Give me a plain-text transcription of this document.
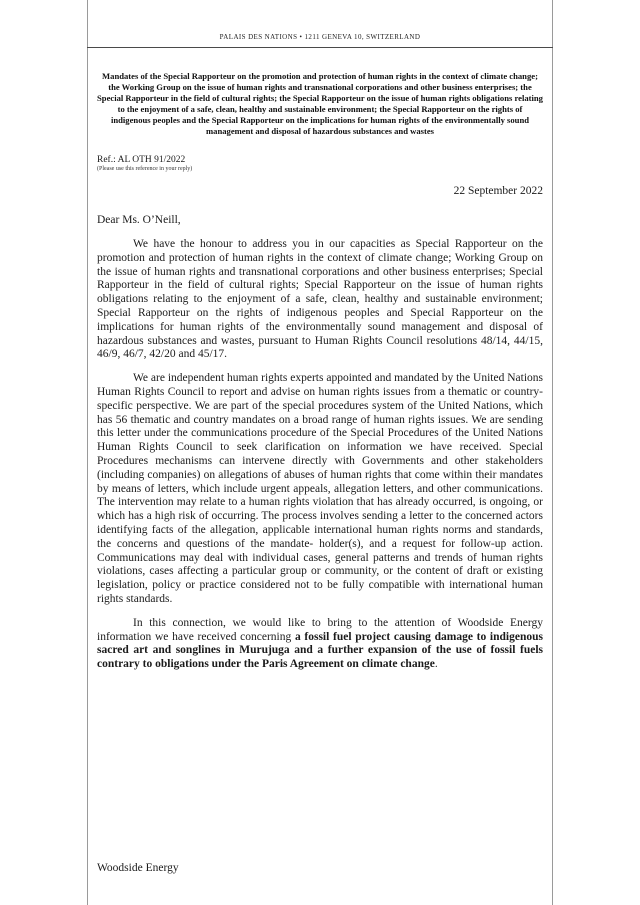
PALAIS DES NATIONS • 1211 GENEVA 10, SWITZERLAND
Mandates of the Special Rapporteur on the promotion and protection of human rights in the context of climate change; the Working Group on the issue of human rights and transnational corporations and other business enterprises; the Special Rapporteur in the field of cultural rights; the Special Rapporteur on the issue of human rights obligations relating to the enjoyment of a safe, clean, healthy and sustainable environment; the Special Rapporteur on the rights of indigenous peoples and the Special Rapporteur on the implications for human rights of the environmentally sound management and disposal of hazardous substances and wastes
Ref.: AL OTH 91/2022
(Please use this reference in your reply)
22 September 2022
Dear Ms. O’Neill,

We have the honour to address you in our capacities as Special Rapporteur on the promotion and protection of human rights in the context of climate change; Working Group on the issue of human rights and transnational corporations and other business enterprises; Special Rapporteur in the field of cultural rights; Special Rapporteur on the issue of human rights obligations relating to the enjoyment of a safe, clean, healthy and sustainable environment; Special Rapporteur on the rights of indigenous peoples and Special Rapporteur on the implications for human rights of the environmentally sound management and disposal of hazardous substances and wastes, pursuant to Human Rights Council resolutions 48/14, 44/15, 46/9, 46/7, 42/20 and 45/17.

We are independent human rights experts appointed and mandated by the United Nations Human Rights Council to report and advise on human rights issues from a thematic or country-specific perspective. We are part of the special procedures system of the United Nations, which has 56 thematic and country mandates on a broad range of human rights issues. We are sending this letter under the communications procedure of the Special Procedures of the United Nations Human Rights Council to seek clarification on information we have received. Special Procedures mechanisms can intervene directly with Governments and other stakeholders (including companies) on allegations of abuses of human rights that come within their mandates by means of letters, which include urgent appeals, allegation letters, and other communications. The intervention may relate to a human rights violation that has already occurred, is ongoing, or which has a high risk of occurring. The process involves sending a letter to the concerned actors identifying facts of the allegation, applicable international human rights norms and standards, the concerns and questions of the mandate- holder(s), and a request for follow-up action. Communications may deal with individual cases, general patterns and trends of human rights violations, cases affecting a particular group or community, or the content of draft or existing legislation, policy or practice considered not to be fully compatible with international human rights standards.

In this connection, we would like to bring to the attention of Woodside Energy information we have received concerning a fossil fuel project causing damage to indigenous sacred art and songlines in Murujuga and a further expansion of the use of fossil fuels contrary to obligations under the Paris Agreement on climate change.

Woodside Energy
